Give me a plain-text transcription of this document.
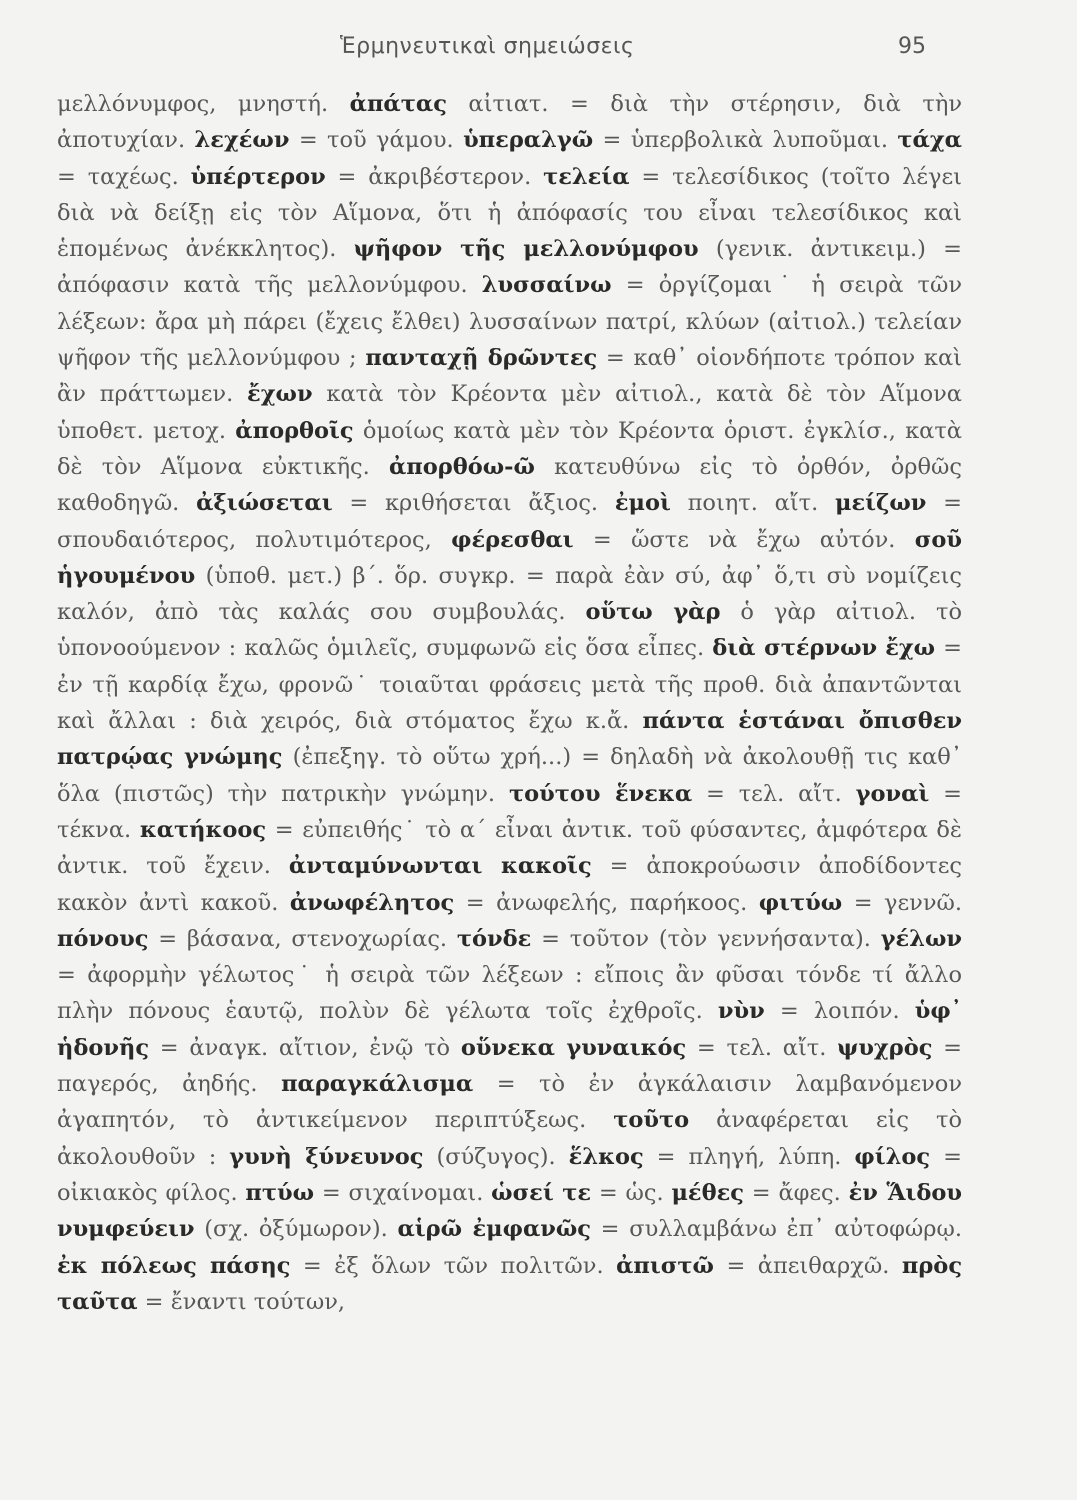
Ἑρμηνευτικαὶ σημειώσεις	95
μελλόνυμφος, μνηστή. ἀπάτας αἰτιατ. = διὰ τὴν στέρησιν, διὰ τὴν ἀποτυχίαν. λεχέων = τοῦ γάμου. ὑπεραλγῶ = ὑπερβολικὰ λυποῦμαι. τάχα = ταχέως. ὑπέρτερον = ἀκριβέστερον. τελεία = τελεσίδικος (τοῖτο λέγει διὰ νὰ δείξῃ εἰς τὸν Αἵμονα, ὅτι ἡ ἀπόφασίς του εἶναι τελεσίδικος καὶ ἑπομένως ἀνέκκλητος). ψῆφον τῆς μελλονύμφου (γενικ. ἀντικειμ.) = ἀπόφασιν κατὰ τῆς μελλονύμφου. λυσσαίνω = ὀργίζομαι˙ ἡ σειρὰ τῶν λέξεων: ἄρα μὴ πάρει (ἔχεις ἔλθει) λυσσαίνων πατρί, κλύων (αἰτιολ.) τελείαν ψῆφον τῆς μελλονύμφου ; πανταχῇ δρῶντες = καθ᾿ οἱονδήποτε τρόπον καὶ ἂν πράττωμεν. ἔχων κατὰ τὸν Κρέοντα μὲν αἰτιολ., κατὰ δὲ τὸν Αἵμονα ὑποθετ. μετοχ. ἀπορθοῖς ὁμοίως κατὰ μὲν τὸν Κρέοντα ὁριστ. ἐγκλίσ., κατὰ δὲ τὸν Αἵμονα εὐκτικῆς. ἀπορθόω-ῶ κατευθύνω εἰς τὸ ὀρθόν, ὀρθῶς καθοδηγῶ. ἀξιώσεται = κριθήσεται ἄξιος. ἐμοὶ ποιητ. αἴτ. μείζων = σπουδαιότερος, πολυτιμότερος, φέρεσθαι = ὥστε νὰ ἔχω αὐτόν. σοῦ ἡγουμένου (ὑποθ. μετ.) β΄. ὅρ. συγκρ. = παρὰ ἐὰν σύ, ἀφ᾿ ὅ,τι σὺ νομίζεις καλόν, ἀπὸ τὰς καλάς σου συμβουλάς. οὕτω γὰρ ὁ γὰρ αἰτιολ. τὸ ὑπονοούμενον : καλῶς ὁμιλεῖς, συμφωνῶ εἰς ὅσα εἶπες. διὰ στέρνων ἔχω = ἐν τῇ καρδίᾳ ἔχω, φρονῶ˙ τοιαῦται φράσεις μετὰ τῆς προθ. διὰ ἀπαντῶνται καὶ ἄλλαι : διὰ χειρός, διὰ στόματος ἔχω κ.ἄ. πάντα ἑστάναι ὄπισθεν πατρῴας γνώμης (ἐπεξηγ. τὸ οὕτω χρή...) = δηλαδὴ νὰ ἀκολουθῇ τις καθ᾿ ὅλα (πιστῶς) τὴν πατρικὴν γνώμην. τούτου ἕνεκα = τελ. αἴτ. γοναὶ = τέκνα. κατήκοος = εὐπειθής˙ τὸ α΄ εἶναι ἀντικ. τοῦ φύσαντες, ἀμφότερα δὲ ἀντικ. τοῦ ἔχειν. ἀνταμύνωνται κακοῖς = ἀποκρούωσιν ἀποδίδοντες κακὸν ἀντὶ κακοῦ. ἀνωφέλητος = ἀνωφελής, παρήκοος. φιτύω = γεννῶ. πόνους = βάσανα, στενοχωρίας. τόνδε = τοῦτον (τὸν γεννήσαντα). γέλων = ἀφορμὴν γέλωτος˙ ἡ σειρὰ τῶν λέξεων : εἴποις ἂν φῦσαι τόνδε τί ἄλλο πλὴν πόνους ἑαυτῷ, πολὺν δὲ γέλωτα τοῖς ἐχθροῖς. νὺν = λοιπόν. ὑφ᾿ ἡδονῆς = ἀναγκ. αἴτιον, ἐνῷ τὸ οὕνεκα γυναικός = τελ. αἴτ. ψυχρὸς = παγερός, ἀηδής. παραγκάλισμα = τὸ ἐν ἀγκάλαισιν λαμβανόμενον ἀγαπητόν, τὸ ἀντικείμενον περιπτύξεως. τοῦτο ἀναφέρεται εἰς τὸ ἀκολουθοῦν : γυνὴ ξύνευνος (σύζυγος). ἕλκος = πληγή, λύπη. φίλος = οἰκιακὸς φίλος. πτύω = σιχαίνομαι. ὡσεί τε = ὡς. μέθες = ἄφες. ἐν Ἅιδου νυμφεύειν (σχ. ὀξύμωρον). αἱρῶ ἐμφανῶς = συλλαμβάνω ἐπ᾿ αὐτοφώρῳ. ἐκ πόλεως πάσης = ἐξ ὅλων τῶν πολιτῶν. ἀπιστῶ = ἀπειθαρχῶ. πρὸς ταῦτα = ἔναντι τούτων,
